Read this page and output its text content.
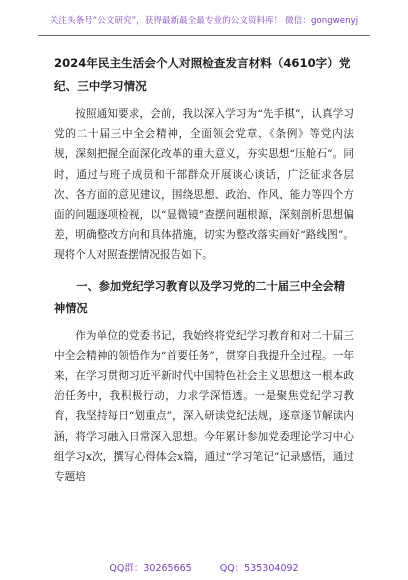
关注头条号“公文研究”，获得最新最全最专业的公文资料库！ 微信：gongwenyj
2024年民主生活会个人对照检查发言材料（4610字）党纪、三中学习情况

按照通知要求，会前，我以深入学习为“先手棋”，认真学习党的二十届三中全会精神，全面领会党章、《条例》等党内法规，深刻把握全面深化改革的重大意义，夯实思想“压舱石”。同时，通过与班子成员和干部群众开展谈心谈话，广泛征求各层次、各方面的意见建议，围绕思想、政治、作风、能力等四个方面的问题逐项检视，以“显微镜”查摆问题根源，深刻剖析思想偏差，明确整改方向和具体措施，切实为整改落实画好“路线图”。现将个人对照查摆情况报告如下。

一、参加党纪学习教育以及学习党的二十届三中全会精神情况

作为单位的党委书记，我始终将党纪学习教育和对二十届三中全会精神的领悟作为“首要任务”，贯穿自我提升全过程。一年来，在学习贯彻习近平新时代中国特色社会主义思想这一根本政治任务中，我积极行动，力求学深悟透。一是聚焦党纪学习教育，我坚持每日“划重点”，深入研读党纪法规，逐章逐节解读内涵，将学习融入日常深入思想。今年累计参加党委理论学习中心组学习x次，撰写心得体会x篇，通过“学习笔记”记录感悟，通过专题培

QQ群：30265665	QQ：535304092
